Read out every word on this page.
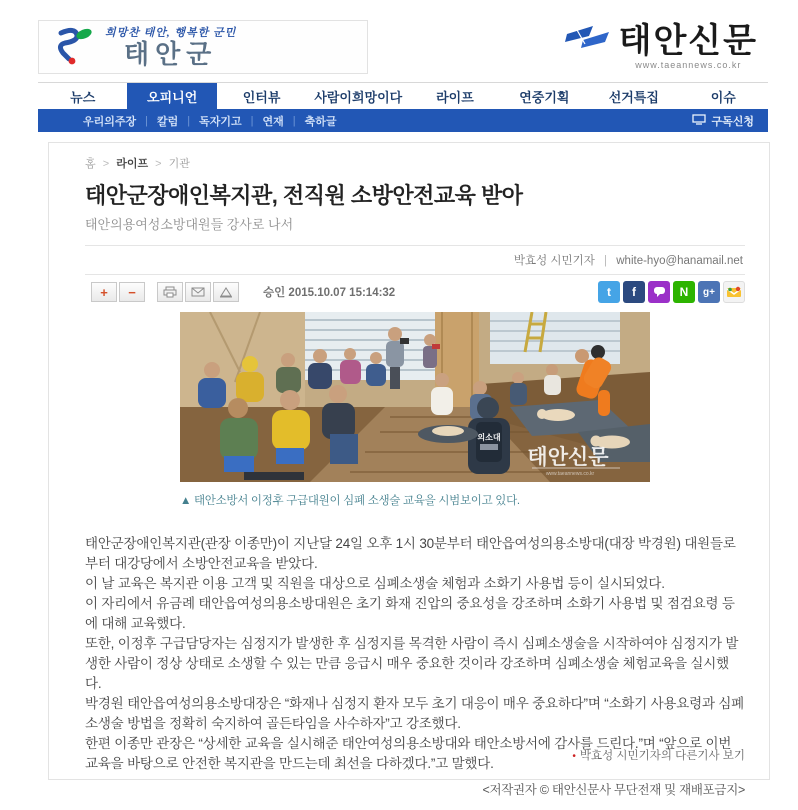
희망찬 태안, 행복한 군민
태안군	태안신문
www.taeannews.co.kr
뉴스	오피니언	인터뷰	사람이희망이다	라이프	연중기획	선거특집	이슈
우리의주장 | 칼럼 | 독자기고 | 연재 | 축하글	구독신청
홈 > 라이프 > 기관
태안군장애인복지관, 전직원 소방안전교육 받아
태안의용여성소방대원들 강사로 나서
박효성 시민기자 | white-hyo@hanamail.net
+	−	승인 2015.10.07 15:14:32	t	f	N	g+
의소대
태안신문
www.taeannews.co.kr
▲ 태안소방서 이정후 구급대원이 심폐 소생술 교육을 시범보이고 있다.

태안군장애인복지관(관장 이종만)이 지난달 24일 오후 1시 30분부터 태안읍여성의용소방대(대장 박경원) 대원들로부터 대강당에서 소방안전교육을 받았다.

이 날 교육은 복지관 이용 고객 및 직원을 대상으로 심폐소생술 체험과 소화기 사용법 등이 실시되었다.

이 자리에서 유금례 태안읍여성의용소방대원은 초기 화재 진압의 중요성을 강조하며 소화기 사용법 및 점검요령 등에 대해 교육했다.

또한, 이정후 구급담당자는 심정지가 발생한 후 심정지를 목격한 사람이 즉시 심폐소생술을 시작하여야 심정지가 발생한 사람이 정상 상태로 소생할 수 있는 만큼 응급시 매우 중요한 것이라 강조하며 심폐소생술 체험교육을 실시했다.

박경원 태안읍여성의용소방대장은 “화재나 심정지 환자 모두 초기 대응이 매우 중요하다”며 “소화기 사용요령과 심폐소생술 방법을 정확히 숙지하여 골든타임을 사수하자”고 강조했다.

한편 이종만 관장은 “상세한 교육을 실시해준 태안여성의용소방대와 태안소방서에 감사를 드린다.”며 “앞으로 이번 교육을 바탕으로 안전한 복지관을 만드는데 최선을 다하겠다.”고 말했다.

<저작권자 © 태안신문사 무단전재 및 재배포금지>
• 박효성 시민기자의 다른기사 보기
